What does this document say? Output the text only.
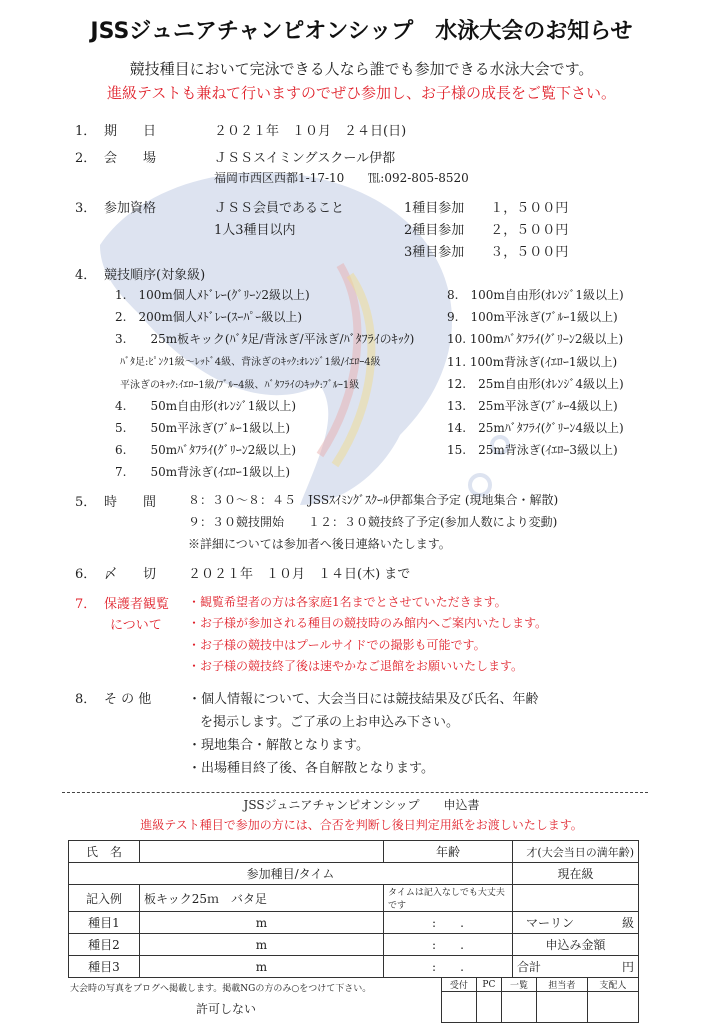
JSSジュニアチャンピオンシップ　水泳大会のお知らせ
競技種目において完泳できる人なら誰でも参加できる水泳大会です。
進級テストも兼ねて行いますのでぜひ参加し、お子様の成長をご覧下さい。
1． 期　　日	２０２１年　１０月　２４日(日)
2． 会　　場	ＪＳＳスイミングスクール伊都
福岡市西区西都1-17-10　　℡:092-805-8520
3． 参加資格	ＪＳＳ会員であること
1人3種目以内
1種目参加　　１，５００円
2種目参加　　２，５００円
3種目参加　　３，５００円
4． 競技順序(対象級)
1.　100m個人ﾒﾄﾞﾚｰ(ｸﾞﾘｰﾝ2級以上)
2.　200m個人ﾒﾄﾞﾚｰ(ｽｰﾊﾟｰ級以上)
3.　　25m板キック(ﾊﾞﾀ足/背泳ぎ/平泳ぎ/ﾊﾞﾀﾌﾗｲのｷｯｸ)
ﾊﾞﾀ足:ﾋﾟﾝｸ1級～ﾚｯﾄﾞ4級、背泳ぎのｷｯｸ:ｵﾚﾝｼﾞ1級/ｲｴﾛｰ4級
平泳ぎのｷｯｸ:ｲｴﾛｰ1級/ﾌﾞﾙｰ4級、ﾊﾞﾀﾌﾗｲのｷｯｸ:ﾌﾞﾙｰ1級
4.　　50m自由形(ｵﾚﾝｼﾞ1級以上)
5.　　50m平泳ぎ(ﾌﾞﾙｰ1級以上)
6.　　50mﾊﾞﾀﾌﾗｲ(ｸﾞﾘｰﾝ2級以上)
7.　　50m背泳ぎ(ｲｴﾛｰ1級以上)
8.　100m自由形(ｵﾚﾝｼﾞ1級以上)
9.　100m平泳ぎ(ﾌﾞﾙｰ1級以上)
10. 100mﾊﾞﾀﾌﾗｲ(ｸﾞﾘｰﾝ2級以上)
11. 100m背泳ぎ(ｲｴﾛｰ1級以上)
12.　25m自由形(ｵﾚﾝｼﾞ4級以上)
13.　25m平泳ぎ(ﾌﾞﾙｰ4級以上)
14.　25mﾊﾞﾀﾌﾗｲ(ｸﾞﾘｰﾝ4級以上)
15.　25m背泳ぎ(ｲｴﾛｰ3級以上)
5． 時　　間	８：３０～８：４５　JSSｽｲﾐﾝｸﾞｽｸｰﾙ伊都集合予定 (現地集合・解散)
９：３０競技開始　　１２：３０競技終了予定(参加人数により変動)
※詳細については参加者へ後日連絡いたします。
6． 〆　　切 ２０２１年　１０月　１４日(木) まで
7． 保護者観覧
について
・観覧希望者の方は各家庭1名までとさせていただきます。
・お子様が参加される種目の競技時のみ館内へご案内いたします。
・お子様の競技中はプールサイドでの撮影も可能です。
・お子様の競技終了後は速やかなご退館をお願いいたします。
8． そ の 他	・個人情報について、大会当日には競技結果及び氏名、年齢
を掲示します。ご了承の上お申込み下さい。
・現地集合・解散となります。
・出場種目終了後、各自解散となります。
JSSジュニアチャンピオンシップ　　申込書
進級テスト種目で参加の方には、合否を判断し後日判定用紙をお渡しいたします。
氏　名		年齢	才(大会当日の満年齢)
参加種目/タイム			現在級
記入例	板キック25ｍ　バタ足	タイムは記入なしでも大丈夫です	
種目1	m	:　　 .	マーリン　　　　 級
種目2	m	:　　 .	申込み金額
種目3	m	:　　 .	合計 円
大会時の写真をブログへ掲載します。掲載NGの方のみ○をつけて下さい。
許可しない
受付	PC	一覧	担当者	支配人
